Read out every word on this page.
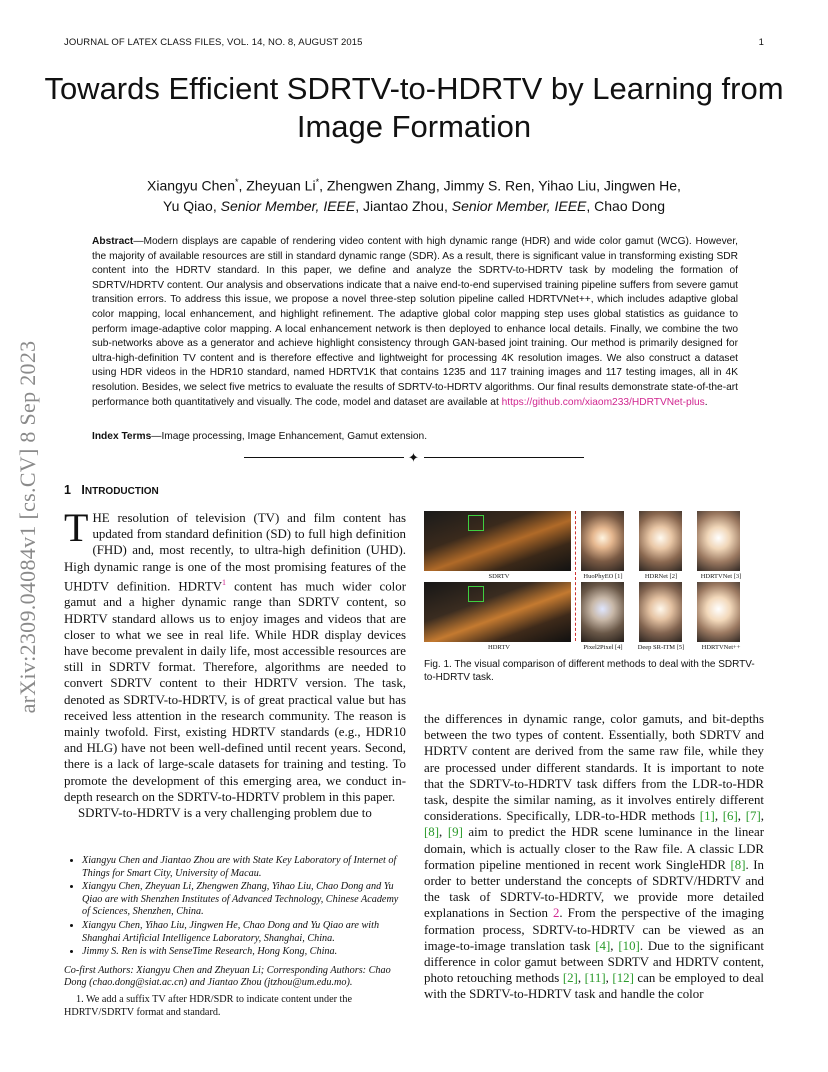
JOURNAL OF LATEX CLASS FILES, VOL. 14, NO. 8, AUGUST 2015	1
Towards Efficient SDRTV-to-HDRTV by Learning from Image Formation
Xiangyu Chen*, Zheyuan Li*, Zhengwen Zhang, Jimmy S. Ren, Yihao Liu, Jingwen He,
Yu Qiao, Senior Member, IEEE, Jiantao Zhou, Senior Member, IEEE, Chao Dong
Abstract—Modern displays are capable of rendering video content with high dynamic range (HDR) and wide color gamut (WCG). However, the majority of available resources are still in standard dynamic range (SDR). As a result, there is significant value in transforming existing SDR content into the HDRTV standard. In this paper, we define and analyze the SDRTV-to-HDRTV task by modeling the formation of SDRTV/HDRTV content. Our analysis and observations indicate that a naive end-to-end supervised training pipeline suffers from severe gamut transition errors. To address this issue, we propose a novel three-step solution pipeline called HDRTVNet++, which includes adaptive global color mapping, local enhancement, and highlight refinement. The adaptive global color mapping step uses global statistics as guidance to perform image-adaptive color mapping. A local enhancement network is then deployed to enhance local details. Finally, we combine the two sub-networks above as a generator and achieve highlight consistency through GAN-based joint training. Our method is primarily designed for ultra-high-definition TV content and is therefore effective and lightweight for processing 4K resolution images. We also construct a dataset using HDR videos in the HDR10 standard, named HDRTV1K that contains 1235 and 117 training images and 117 testing images, all in 4K resolution. Besides, we select five metrics to evaluate the results of SDRTV-to-HDRTV algorithms. Our final results demonstrate state-of-the-art performance both quantitatively and visually. The code, model and dataset are available at https://github.com/xiaom233/HDRTVNet-plus.
Index Terms—Image processing, Image Enhancement, Gamut extension.
✦
arXiv:2309.04084v1 [cs.CV] 8 Sep 2023 1 INTRODUCTION

THE resolution of television (TV) and film content has updated from standard definition (SD) to full high definition (FHD) and, most recently, to ultra-high definition (UHD). High dynamic range is one of the most promising features of the UHDTV definition. HDRTV$^1$ content has much wider color gamut and a higher dynamic range than SDRTV content, so HDRTV standard allows us to enjoy images and videos that are closer to what we see in real life. While HDR display devices have become prevalent in daily life, most accessible resources are still in SDRTV format. Therefore, algorithms are needed to convert SDRTV content to their HDRTV version. The task, denoted as SDRTV-to-HDRTV, is of great practical value but has received less attention in the research community. The reason is mainly twofold. First, existing HDRTV standards (e.g., HDR10 and HLG) have not been well-defined until recent years. Second, there is a lack of large-scale datasets for training and testing. To promote the development of this emerging area, we conduct in-depth research on the SDRTV-to-HDRTV problem in this paper.

SDRTV-to-HDRTV is a very challenging problem due to

• Xiangyu Chen and Jiantao Zhou are with State Key Laboratory of Internet of Things for Smart City, University of Macau.
• Xiangyu Chen, Zheyuan Li, Zhengwen Zhang, Yihao Liu, Chao Dong and Yu Qiao are with Shenzhen Institutes of Advanced Technology, Chinese Academy of Sciences, Shenzhen, China.
• Xiangyu Chen, Yihao Liu, Jingwen He, Chao Dong and Yu Qiao are with Shanghai Artificial Intelligence Laboratory, Shanghai, China.
• Jimmy S. Ren is with SenseTime Research, Hong Kong, China.
Co-first Authors: Xiangyu Chen and Zheyuan Li; Corresponding Authors: Chao Dong (chao.dong@siat.ac.cn) and Jiantao Zhou (jtzhou@um.edu.mo).
1. We add a suffix TV after HDR/SDR to indicate content under the HDRTV/SDRTV format and standard.
SDRTV	HuoPhyEO [1]	HDRNet [2]	HDRTVNet [3]
HDRTV	Pixel2Pixel [4]	Deep SR-ITM [5]	HDRTVNet++
Fig. 1. The visual comparison of different methods to deal with the SDRTV-to-HDRTV task.

the differences in dynamic range, color gamuts, and bit-depths between the two types of content. Essentially, both SDRTV and HDRTV content are derived from the same raw file, while they are processed under different standards. It is important to note that the SDRTV-to-HDRTV task differs from the LDR-to-HDR task, despite the similar naming, as it involves entirely different considerations. Specifically, LDR-to-HDR methods [1], [6], [7], [8], [9] aim to predict the HDR scene luminance in the linear domain, which is actually closer to the Raw file. A classic LDR formation pipeline mentioned in recent work SingleHDR [8]. In order to better understand the concepts of SDRTV/HDRTV and the task of SDRTV-to-HDRTV, we provide more detailed explanations in Section 2. From the perspective of the imaging formation process, SDRTV-to-HDRTV can be viewed as an image-to-image translation task [4], [10]. Due to the significant difference in color gamut between SDRTV and HDRTV content, photo retouching methods [2], [11], [12] can be employed to deal with the SDRTV-to-HDRTV task and handle the color
